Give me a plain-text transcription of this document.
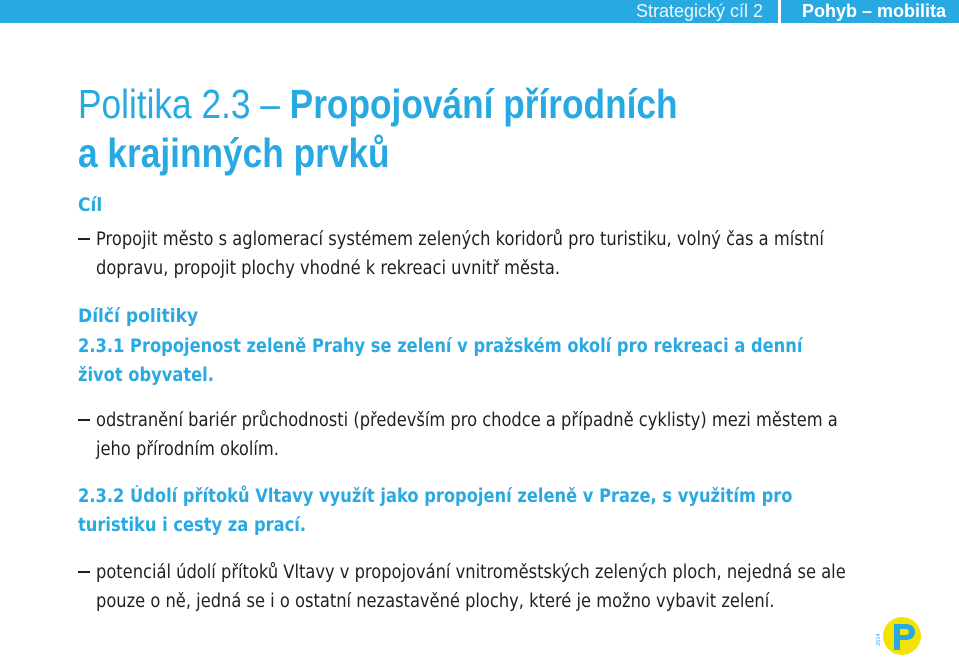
Strategický cíl 2 Pohyb – mobilita
Politika 2.3 – Propojování přírodních
a krajinných prvků
Cíl
Propojit město s aglomerací systémem zelených koridorů pro turistiku, volný čas a místní dopravu, propojit plochy vhodné k rekreaci uvnitř města.
Dílčí politiky
2.3.1 Propojenost zeleně Prahy se zelení v pražském okolí pro rekreaci a denní život obyvatel.
odstranění bariér průchodnosti (především pro chodce a případně cyklisty) mezi městem a jeho přírodním okolím.
2.3.2 Údolí přítoků Vltavy využít jako propojení zeleně v Praze, s využitím pro turistiku i cesty za prací.
potenciál údolí přítoků Vltavy v propojování vnitroměstských zelených ploch, nejedná se ale pouze o ně, jedná se i o ostatní nezastavěné plochy, které je možno vybavit zelení.
2014
